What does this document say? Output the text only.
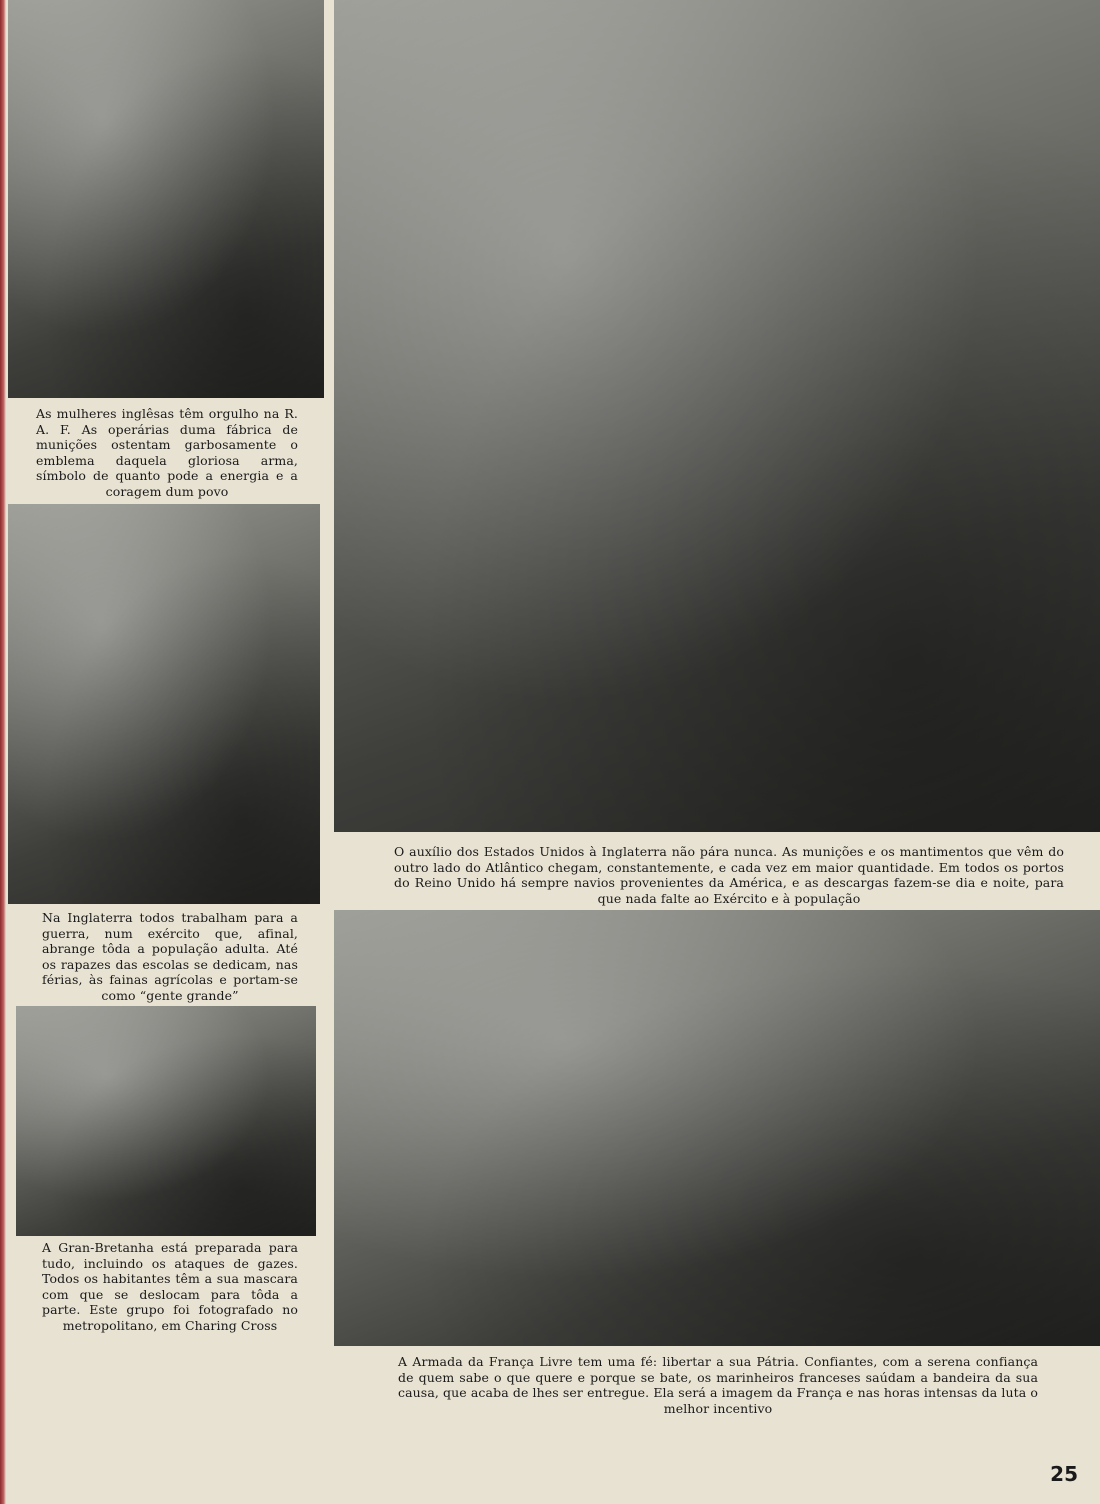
As mulheres inglêsas têm orgulho na R. A. F. As operárias duma fábrica de munições ostentam garbosamente o emblema daquela gloriosa arma, símbolo de quanto pode a energia e a coragem dum povo

Na Inglaterra todos trabalham para a guerra, num exército que, afinal, abrange tôda a população adulta. Até os rapazes das escolas se dedicam, nas férias, às fainas agrícolas e portam-se como “gente grande”

A Gran-Bretanha está preparada para tudo, incluindo os ataques de gazes. Todos os habitantes têm a sua mascara com que se deslocam para tôda a parte. Este grupo foi fotografado no metropolitano, em Charing Cross

O auxílio dos Estados Unidos à Inglaterra não pára nunca. As munições e os mantimentos que vêm do outro lado do Atlântico chegam, constantemente, e cada vez em maior quantidade. Em todos os portos do Reino Unido há sempre navios provenientes da América, e as descargas fazem-se dia e noite, para que nada falte ao Exército e à população

A Armada da França Livre tem uma fé: libertar a sua Pátria. Confiantes, com a serena confiança de quem sabe o que quere e porque se bate, os marinheiros franceses saúdam a bandeira da sua causa, que acaba de lhes ser entregue. Ela será a imagem da França e nas horas intensas da luta o melhor incentivo

25
